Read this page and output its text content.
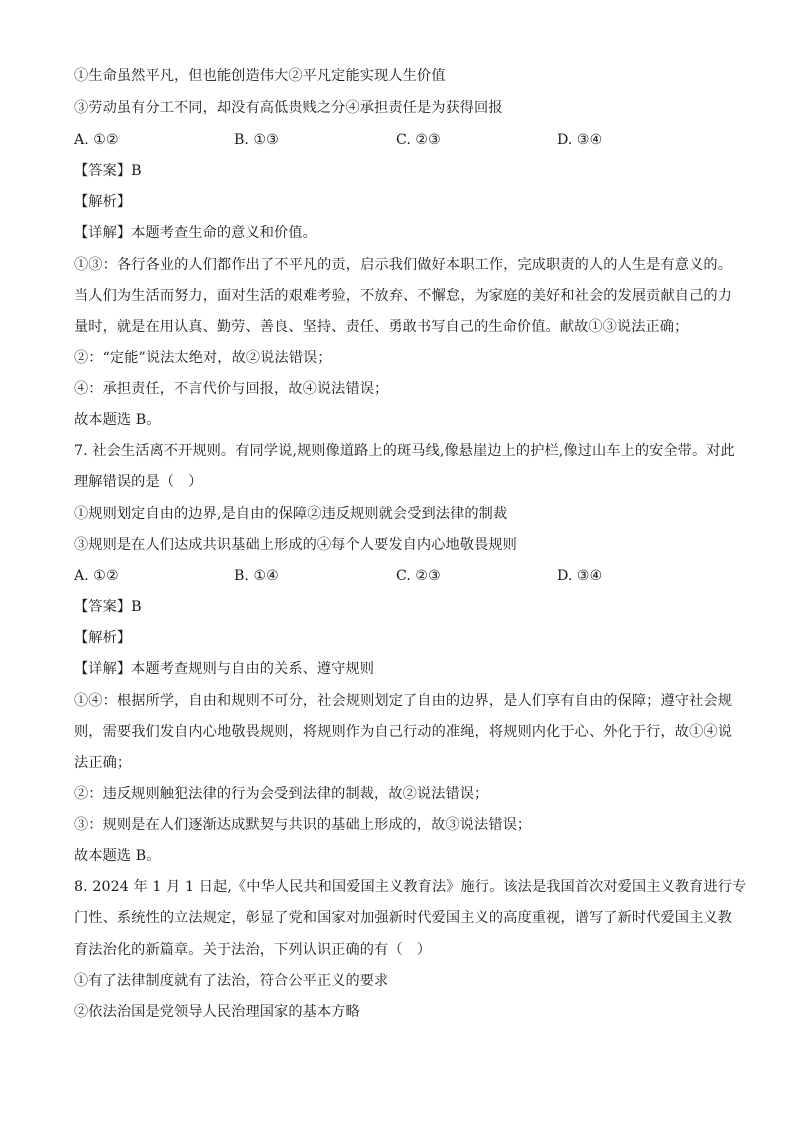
①生命虽然平凡，但也能创造伟大②平凡定能实现人生价值
③劳动虽有分工不同，却没有高低贵贱之分④承担责任是为获得回报
A. ①②	B. ①③	C. ②③	D. ③④
【答案】B
【解析】
【详解】本题考查生命的意义和价值。
①③：各行各业的人们都作出了不平凡的贡，启示我们做好本职工作，完成职责的人的人生是有意义的。
当人们为生活而努力，面对生活的艰难考验，不放弃、不懈怠，为家庭的美好和社会的发展贡献自己的力
量时，就是在用认真、勤劳、善良、坚持、责任、勇敢书写自己的生命价值。献故①③说法正确；
②：“定能”说法太绝对，故②说法错误；
④：承担责任，不言代价与回报，故④说法错误；
故本题选 B。
7. 社会生活离不开规则。有同学说,规则像道路上的斑马线,像悬崖边上的护栏,像过山车上的安全带。对此
理解错误的是（　）
①规则划定自由的边界,是自由的保障②违反规则就会受到法律的制裁
③规则是在人们达成共识基础上形成的④每个人要发自内心地敬畏规则
A. ①②	B. ①④	C. ②③	D. ③④
【答案】B
【解析】
【详解】本题考查规则与自由的关系、遵守规则
①④：根据所学，自由和规则不可分，社会规则划定了自由的边界，是人们享有自由的保障；遵守社会规
则，需要我们发自内心地敬畏规则，将规则作为自己行动的准绳，将规则内化于心、外化于行，故①④说
法正确；
②：违反规则触犯法律的行为会受到法律的制裁，故②说法错误；
③：规则是在人们逐渐达成默契与共识的基础上形成的，故③说法错误；
故本题选 B。
8. 2024 年 1 月 1 日起,《中华人民共和国爱国主义教育法》施行。该法是我国首次对爱国主义教育进行专
门性、系统性的立法规定，彰显了党和国家对加强新时代爱国主义的高度重视，谱写了新时代爱国主义教
育法治化的新篇章。关于法治，下列认识正确的有（　）
①有了法律制度就有了法治，符合公平正义的要求
②依法治国是党领导人民治理国家的基本方略
